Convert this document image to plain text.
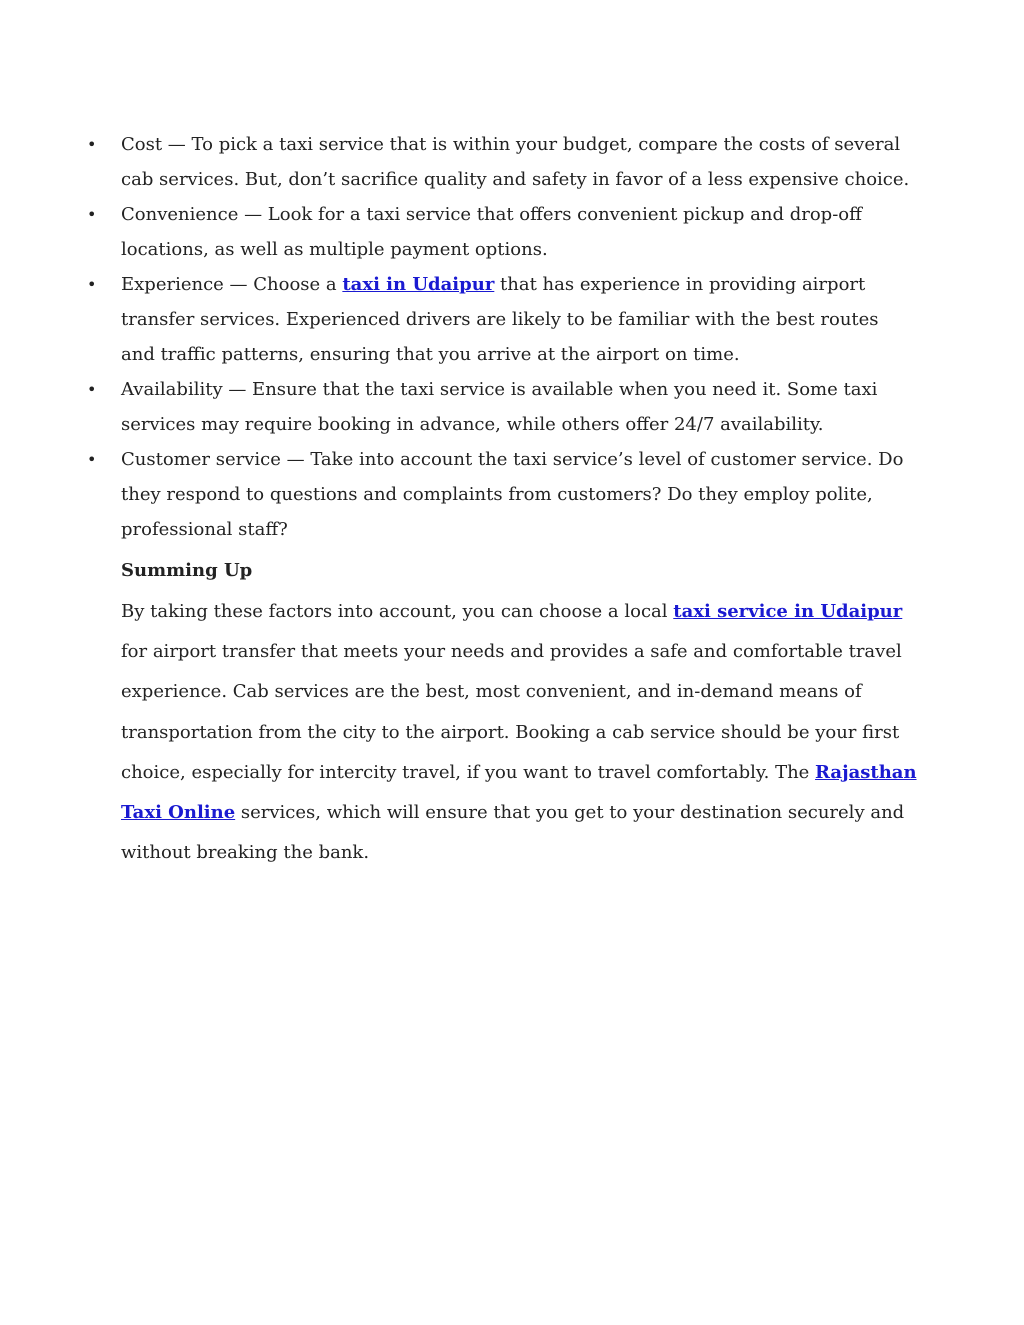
• Cost — To pick a taxi service that is within your budget, compare the costs of several cab services. But, don’t sacrifice quality and safety in favor of a less expensive choice.
• Convenience — Look for a taxi service that offers convenient pickup and drop-off locations, as well as multiple payment options.
• Experience — Choose a taxi in Udaipur that has experience in providing airport transfer services. Experienced drivers are likely to be familiar with the best routes and traffic patterns, ensuring that you arrive at the airport on time.
• Availability — Ensure that the taxi service is available when you need it. Some taxi services may require booking in advance, while others offer 24/7 availability.
• Customer service — Take into account the taxi service’s level of customer service. Do they respond to questions and complaints from customers? Do they employ polite, professional staff?
Summing Up

By taking these factors into account, you can choose a local taxi service in Udaipur for airport transfer that meets your needs and provides a safe and comfortable travel experience. Cab services are the best, most convenient, and in-demand means of transportation from the city to the airport. Booking a cab service should be your first choice, especially for intercity travel, if you want to travel comfortably. The Rajasthan Taxi Online services, which will ensure that you get to your destination securely and without breaking the bank.
